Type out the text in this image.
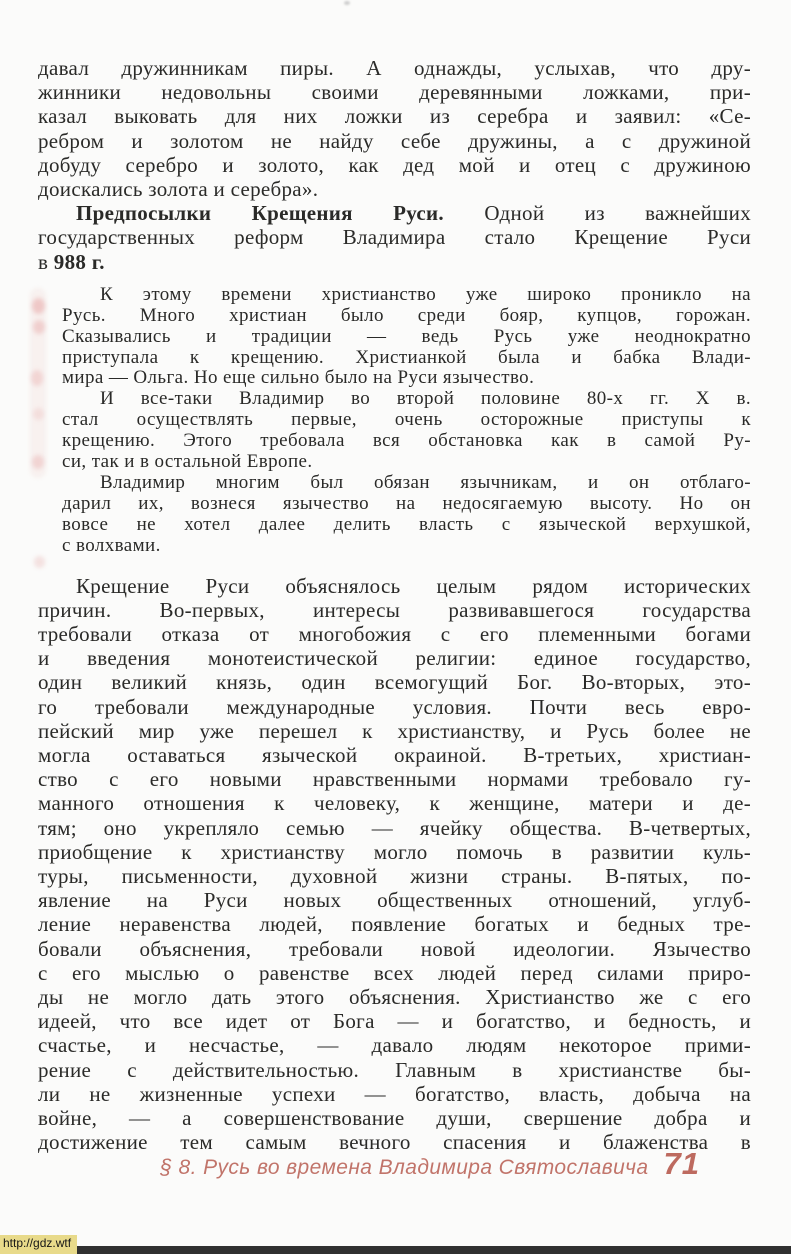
давал дружинникам пиры. А однажды, услыхав, что дру-
жинники недовольны своими деревянными ложками, при-
казал выковать для них ложки из серебра и заявил: «Се-
ребром и золотом не найду себе дружины, а с дружиной
добуду серебро и золото, как дед мой и отец с дружиною
доискались золота и серебра».
Предпосылки Крещения Руси. Одной из важнейших
государственных реформ Владимира стало Крещение Руси
в 988 г.
К этому времени христианство уже широко проникло на
Русь. Много христиан было среди бояр, купцов, горожан.
Сказывались и традиции — ведь Русь уже неоднократно
приступала к крещению. Христианкой была и бабка Влади-
мира — Ольга. Но еще сильно было на Руси язычество.
И все-таки Владимир во второй половине 80-х гг. X в.
стал осуществлять первые, очень осторожные приступы к
крещению. Этого требовала вся обстановка как в самой Ру-
си, так и в остальной Европе.
Владимир многим был обязан язычникам, и он отблаго-
дарил их, вознеся язычество на недосягаемую высоту. Но он
вовсе не хотел далее делить власть с языческой верхушкой,
с волхвами.
Крещение Руси объяснялось целым рядом исторических
причин. Во-первых, интересы развивавшегося государства
требовали отказа от многобожия с его племенными богами
и введения монотеистической религии: единое государство,
один великий князь, один всемогущий Бог. Во-вторых, это-
го требовали международные условия. Почти весь евро-
пейский мир уже перешел к христианству, и Русь более не
могла оставаться языческой окраиной. В-третьих, христиан-
ство с его новыми нравственными нормами требовало гу-
манного отношения к человеку, к женщине, матери и де-
тям; оно укрепляло семью — ячейку общества. В-четвертых,
приобщение к христианству могло помочь в развитии куль-
туры, письменности, духовной жизни страны. В-пятых, по-
явление на Руси новых общественных отношений, углуб-
ление неравенства людей, появление богатых и бедных тре-
бовали объяснения, требовали новой идеологии. Язычество
с его мыслью о равенстве всех людей перед силами приро-
ды не могло дать этого объяснения. Христианство же с его
идеей, что все идет от Бога — и богатство, и бедность, и
счастье, и несчастье, — давало людям некоторое прими-
рение с действительностью. Главным в христианстве бы-
ли не жизненные успехи — богатство, власть, добыча на
войне, — а совершенствование души, свершение добра и
достижение тем самым вечного спасения и блаженства в
§ 8. Русь во времена Владимира Святославича 71
http://gdz.wtf
